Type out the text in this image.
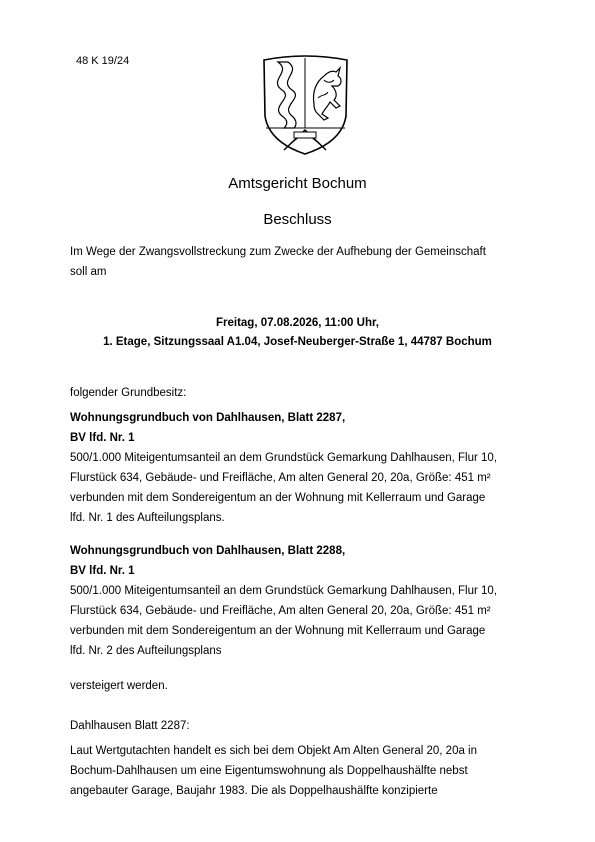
48 K 19/24
Amtsgericht Bochum
Beschluss

Im Wege der Zwangsvollstreckung zum Zwecke der Aufhebung der Gemeinschaft
soll am

Freitag, 07.08.2026, 11:00 Uhr,

1. Etage, Sitzungssaal A1.04, Josef-Neuberger-Straße 1, 44787 Bochum

folgender Grundbesitz:

Wohnungsgrundbuch von Dahlhausen, Blatt 2287,
BV lfd. Nr. 1
500/1.000 Miteigentumsanteil an dem Grundstück Gemarkung Dahlhausen, Flur 10,
Flurstück 634, Gebäude- und Freifläche, Am alten General 20, 20a, Größe: 451 m²
verbunden mit dem Sondereigentum an der Wohnung mit Kellerraum und Garage
lfd. Nr. 1 des Aufteilungsplans.
Wohnungsgrundbuch von Dahlhausen, Blatt 2288,
BV lfd. Nr. 1
500/1.000 Miteigentumsanteil an dem Grundstück Gemarkung Dahlhausen, Flur 10,
Flurstück 634, Gebäude- und Freifläche, Am alten General 20, 20a, Größe: 451 m²
verbunden mit dem Sondereigentum an der Wohnung mit Kellerraum und Garage
lfd. Nr. 2 des Aufteilungsplans

versteigert werden.

Dahlhausen Blatt 2287:

Laut Wertgutachten handelt es sich bei dem Objekt Am Alten General 20, 20a in
Bochum-Dahlhausen um eine Eigentumswohnung als Doppelhaushälfte nebst
angebauter Garage, Baujahr 1983. Die als Doppelhaushälfte konzipierte
